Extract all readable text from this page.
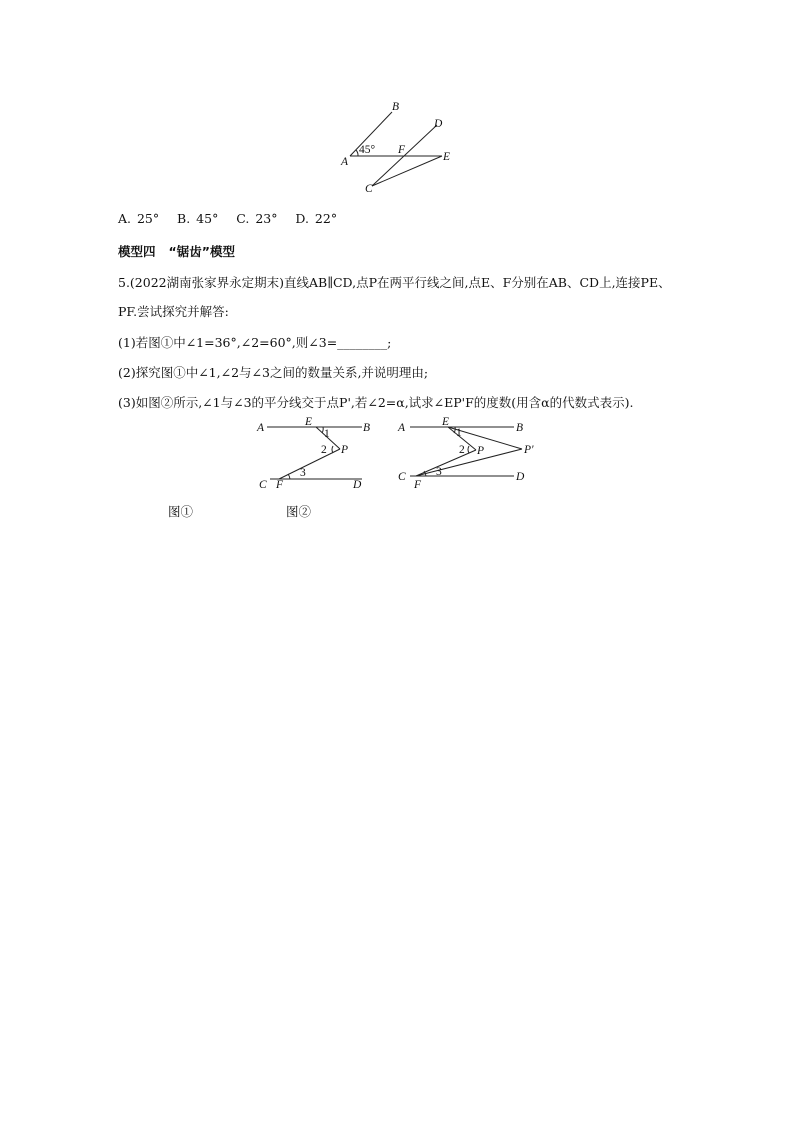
B
D
45° F
A	E
C
A. 25°   B. 45°   C. 23°   D. 22°
模型四   “锯齿”模型
5.(2022湖南张家界永定期末)直线AB∥CD,点P在两平行线之间,点E、F分别在AB、CD上,连接PE、
PF.尝试探究并解答:
(1)若图①中∠1=36°,∠2=60°,则∠3=________;
(2)探究图①中∠1,∠2与∠3之间的数量关系,并说明理由;
(3)如图②所示,∠1与∠3的平分线交于点P',若∠2=α,试求∠EP'F的度数(用含α的代数式表示).
A	E	B
1
2 P
3
C F	D
A	E	B
1
2 P	P'
3
C
F
D
图①	图②
